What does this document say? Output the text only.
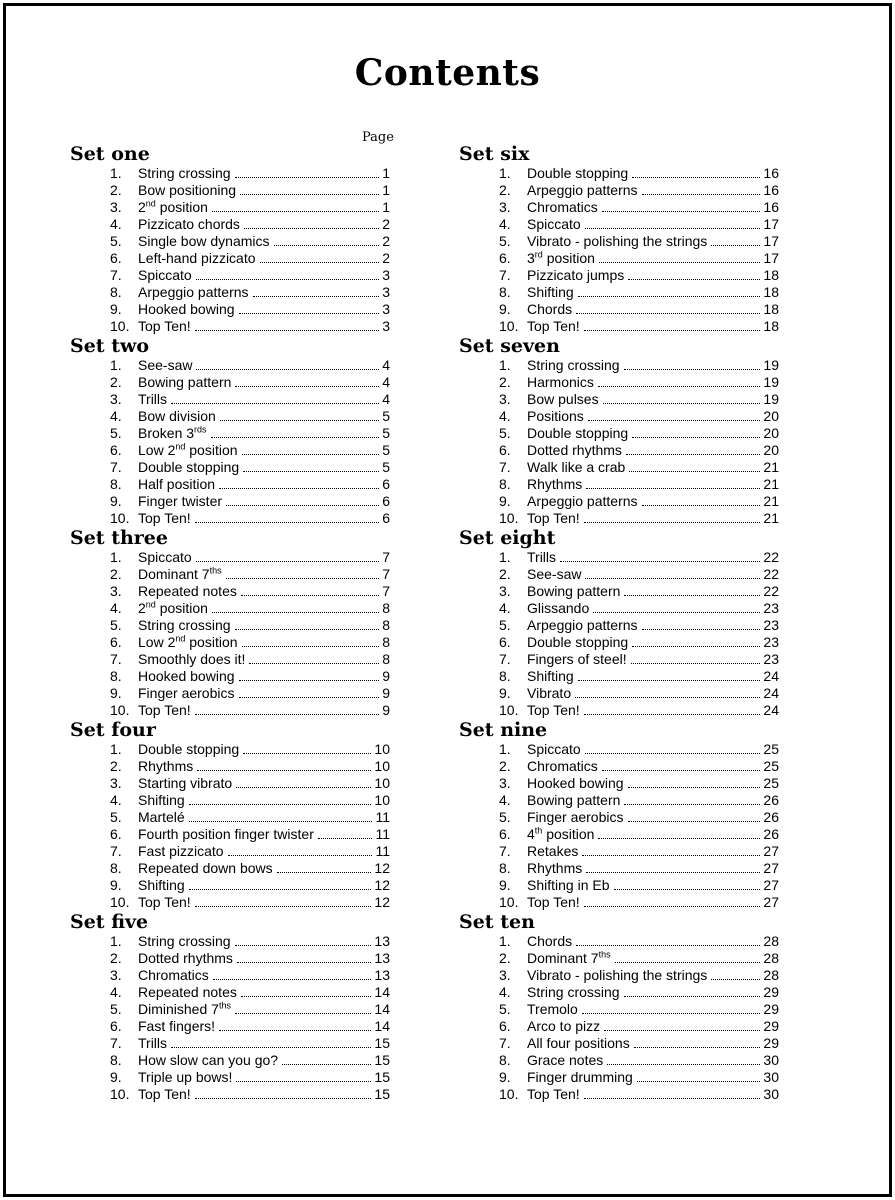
Contents
Page
Set one
1.	String crossing	1
2.	Bow positioning	1
3.	2nd position	1
4.	Pizzicato chords	2
5.	Single bow dynamics	2
6.	Left-hand pizzicato	2
7.	Spiccato	3
8.	Arpeggio patterns	3
9.	Hooked bowing	3
10. Top Ten!	3
Set two
1.	See-saw	4
2.	Bowing pattern	4
3.	Trills	4
4.	Bow division	5
5.	Broken $3^{rds}$	5
6.	Low 2nd position	5
7.	Double stopping	5
8.	Half position	6
9.	Finger twister	6
10. Top Ten!	6
Set three
1.	Spiccato	7
2.	Dominant $7^{ths}$	7
3.	Repeated notes	7
4.	2nd position	8
5.	String crossing	8
6.	Low 2nd position	8
7.	Smoothly does it!	8
8.	Hooked bowing	9
9.	Finger aerobics	9
10. Top Ten!	9
Set four
1.	Double stopping	10
2.	Rhythms	10
3.	Starting vibrato	10
4.	Shifting	10
5.	Martelé	11
6.	Fourth position finger twister	11
7.	Fast pizzicato	11
8.	Repeated down bows	12
9.	Shifting	12
10. Top Ten!	12
Set five
1.	String crossing	13
2.	Dotted rhythms	13
3.	Chromatics	13
4.	Repeated notes	14
5.	Diminished $7^{ths}$	14
6.	Fast fingers!	14
7.	Trills	15
8.	How slow can you go?	15
9.	Triple up bows!	15
10. Top Ten!	15
Set six
1.	Double stopping	16
2.	Arpeggio patterns	16
3.	Chromatics	16
4.	Spiccato	17
5.	Vibrato - polishing the strings	17
6.	3rd position	17
7.	Pizzicato jumps	18
8.	Shifting	18
9.	Chords	18
10. Top Ten!	18
Set seven
1.	String crossing	19
2.	Harmonics	19
3.	Bow pulses	19
4.	Positions	20
5.	Double stopping	20
6.	Dotted rhythms	20
7.	Walk like a crab	21
8.	Rhythms	21
9.	Arpeggio patterns	21
10. Top Ten!	21
Set eight
1.	Trills	22
2.	See-saw	22
3.	Bowing pattern	22
4.	Glissando	23
5.	Arpeggio patterns	23
6.	Double stopping	23
7.	Fingers of steel!	23
8.	Shifting	24
9.	Vibrato	24
10. Top Ten!	24
Set nine
1.	Spiccato	25
2.	Chromatics	25
3.	Hooked bowing	25
4.	Bowing pattern	26
5.	Finger aerobics	26
6.	4th position	26
7.	Retakes	27
8.	Rhythms	27
9.	Shifting in Eb	27
10. Top Ten!	27
Set ten
1.	Chords	28
2.	Dominant $7^{ths}$	28
3.	Vibrato - polishing the strings	28
4.	String crossing	29
5.	Tremolo	29
6.	Arco to pizz	29
7.	All four positions	29
8.	Grace notes	30
9.	Finger drumming	30
10. Top Ten!	30
